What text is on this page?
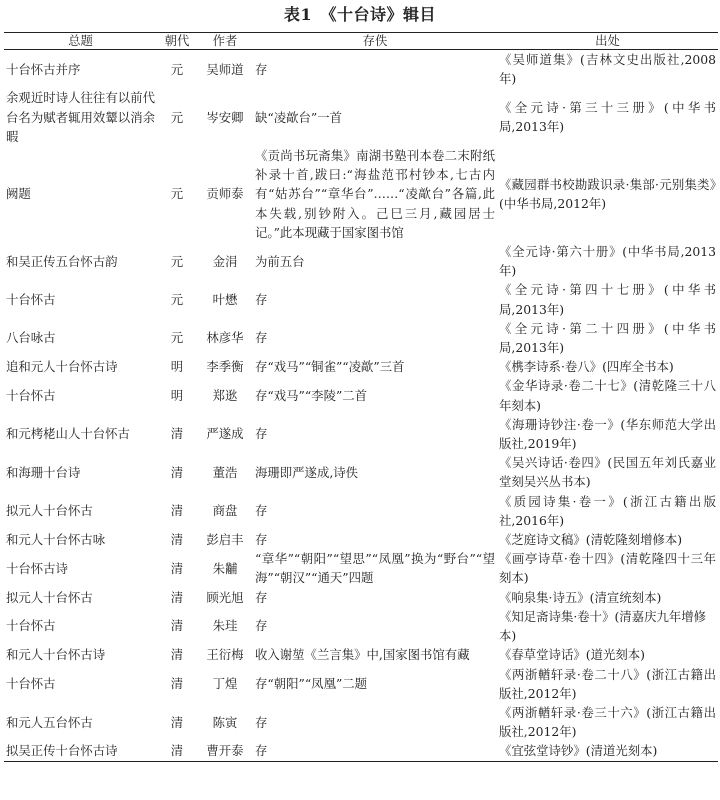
表1　《十台诗》辑目
总题	朝代	作者	存佚	出处
十台怀古并序	元	吴师道	存	《吴师道集》(吉林文史出版社,2008年)
余观近时诗人往往有以前代台名为赋者辄用效颦以消余暇	元	岑安卿	缺“凌歊台”一首	《全元诗·第三十三册》(中华书局,2013年)
阙题	元	贡师泰	《贡尚书玩斋集》南湖书塾刊本卷二末附纸补录十首,跋曰:“海盐范邗村钞本,七古内有“姑苏台”“章华台”……“凌歊台”各篇,此本失载,别钞附入。己巳三月,藏园居士记。”此本现藏于国家图书馆	《藏园群书校勘跋识录·集部·元别集类》(中华书局,2012年)
和吴正传五台怀古韵	元	金涓	为前五台	《全元诗·第六十册》(中华书局,2013年)
十台怀古	元	叶懋	存	《全元诗·第四十七册》(中华书局,2013年)
八台咏古	元	林彦华	存	《全元诗·第二十四册》(中华书局,2013年)
追和元人十台怀古诗	明	李季衡	存“戏马”“铜雀”“凌歊”三首	《槜李诗系·卷八》(四库全书本)
十台怀古	明	郑逖	存“戏马”“李陵”二首	《金华诗录·卷二十七》(清乾隆三十八年刻本)
和元栲栳山人十台怀古	清	严遂成	存	《海珊诗钞注·卷一》(华东师范大学出版社,2019年)
和海珊十台诗	清	董浩	海珊即严遂成,诗佚	《吴兴诗话·卷四》(民国五年刘氏嘉业堂刻吴兴丛书本)
拟元人十台怀古	清	商盘	存	《质园诗集·卷一》(浙江古籍出版社,2016年)
和元人十台怀古咏	清	彭启丰	存	《芝庭诗文稿》(清乾隆刻增修本)
十台怀古诗	清	朱黼	“章华”“朝阳”“望思”“凤凰”换为“野台”“望海”“朝汉”“通天”四题	《画亭诗草·卷十四》(清乾隆四十三年刻本)
拟元人十台怀古	清	顾光旭	存	《响泉集·诗五》(清宣统刻本)
十台怀古	清	朱珪	存	《知足斋诗集·卷十》(清嘉庆九年增修本)
和元人十台怀古诗	清	王衍梅	收入谢堃《兰言集》中,国家图书馆有藏	《春草堂诗话》(道光刻本)
十台怀古	清	丁煌	存“朝阳”“凤凰”二题	《两浙輶轩录·卷二十八》(浙江古籍出版社,2012年)
和元人五台怀古	清	陈寅	存	《两浙輶轩录·卷三十六》(浙江古籍出版社,2012年)
拟吴正传十台怀古诗	清	曹开泰	存	《宜弦堂诗钞》(清道光刻本)
